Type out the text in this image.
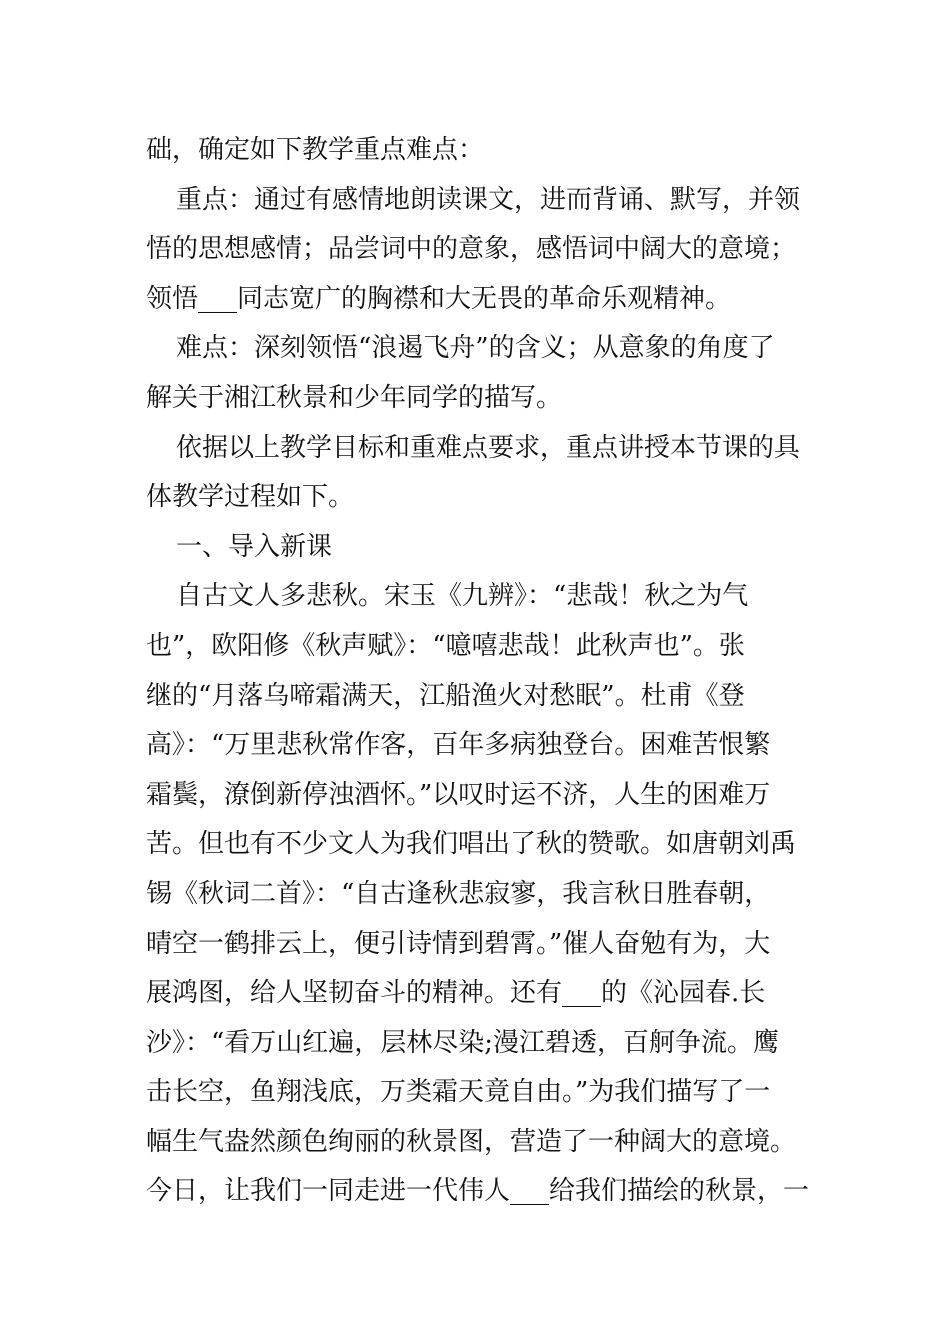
础，确定如下教学重点难点：
重点：通过有感情地朗读课文，进而背诵、默写，并领
悟的思想感情；品尝词中的意象，感悟词中阔大的意境；
领悟___同志宽广的胸襟和大无畏的革命乐观精神。
难点：深刻领悟“浪遏飞舟”的含义；从意象的角度了
解关于湘江秋景和少年同学的描写。
依据以上教学目标和重难点要求，重点讲授本节课的具
体教学过程如下。
一、导入新课
自古文人多悲秋。宋玉《九辨》：“悲哉！秋之为气
也”，欧阳修《秋声赋》：“噫嘻悲哉！此秋声也”。张
继的“月落乌啼霜满天，江船渔火对愁眠”。杜甫《登
高》：“万里悲秋常作客，百年多病独登台。困难苦恨繁
霜鬓，潦倒新停浊酒怀。”以叹时运不济，人生的困难万
苦。但也有不少文人为我们唱出了秋的赞歌。如唐朝刘禹
锡《秋词二首》：“自古逢秋悲寂寥，我言秋日胜春朝，
晴空一鹤排云上，便引诗情到碧霄。”催人奋勉有为，大
展鸿图，给人坚韧奋斗的精神。还有___的《沁园春.长
沙》：“看万山红遍，层林尽染;漫江碧透，百舸争流。鹰
击长空，鱼翔浅底，万类霜天竟自由。”为我们描写了一
幅生气盎然颜色绚丽的秋景图，营造了一种阔大的意境。
今日，让我们一同走进一代伟人___给我们描绘的秋景，一
